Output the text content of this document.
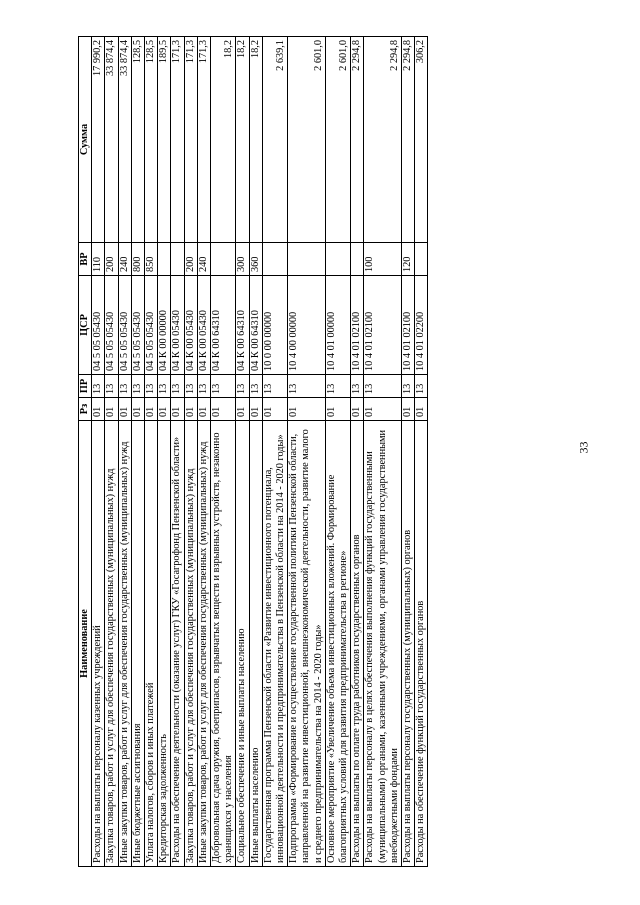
33
Наименование	Рз	ПР	ЦСР	ВР	Сумма
Расходы на выплаты персоналу казенных учреждений	01	13	04 5 05 05430	110	17 990,2
Закупка товаров, работ и услуг для обеспечения государственных (муниципальных) нужд	01	13	04 5 05 05430	200	33 874,4
Иные закупки товаров, работ и услуг для обеспечения государственных (муниципальных) нужд	01	13	04 5 05 05430	240	33 874,4
Иные бюджетные ассигнования	01	13	04 5 05 05430	800	128,5
Уплата налогов, сборов и иных платежей	01	13	04 5 05 05430	850	128,5
Кредиторская задолженность	01	13	04 К 00 00000		189,5
Расходы на обеспечение деятельности (оказание услуг) ГКУ «Госагрофонд Пензенской области»	01	13	04 К 00 05430		171,3
Закупка товаров, работ и услуг для обеспечения государственных (муниципальных) нужд	01	13	04 К 00 05430	200	171,3
Иные закупки товаров, работ и услуг для обеспечения государственных (муниципальных) нужд	01	13	04 К 00 05430	240	171,3
Добровольная сдача оружия, боеприпасов, взрывчатых веществ и взрывных устройств, незаконно хранящихся у населения	01	13	04 К 00 64310		18,2
Социальное обеспечение и иные выплаты населению	01	13	04 К 00 64310	300	18,2
Иные выплаты населению	01	13	04 К 00 64310	360	18,2
Государственная программа Пензенской области «Развитие инвестиционного потенциала, инновационной деятельности и предпринимательства в Пензенской области на 2014 - 2020 годы»	01	13	10 0 00 00000		2 639,1
Подпрограмма «Формирование и осуществление государственной политики Пензенской области, направленной на развитие инвестиционной, внешнеэкономической деятельности, развитие малого и среднего предпринимательства на 2014 - 2020 годы»	01	13	10 4 00 00000		2 601,0
Основное мероприятие «Увеличение объема инвестиционных вложений. Формирование благоприятных условий для развития предпринимательства в регионе»	01	13	10 4 01 00000		2 601,0
Расходы на выплаты по оплате труда работников государственных органов	01	13	10 4 01 02100		2 294,8
Расходы на выплаты персоналу в целях обеспечения выполнения функций государственными (муниципальными) органами, казенными учреждениями, органами управления государственными внебюджетными фондами	01	13	10 4 01 02100	100	2 294,8
Расходы на выплаты персоналу государственных (муниципальных) органов	01	13	10 4 01 02100	120	2 294,8
Расходы на обеспечение функций государственных органов	01	13	10 4 01 02200		306,2
